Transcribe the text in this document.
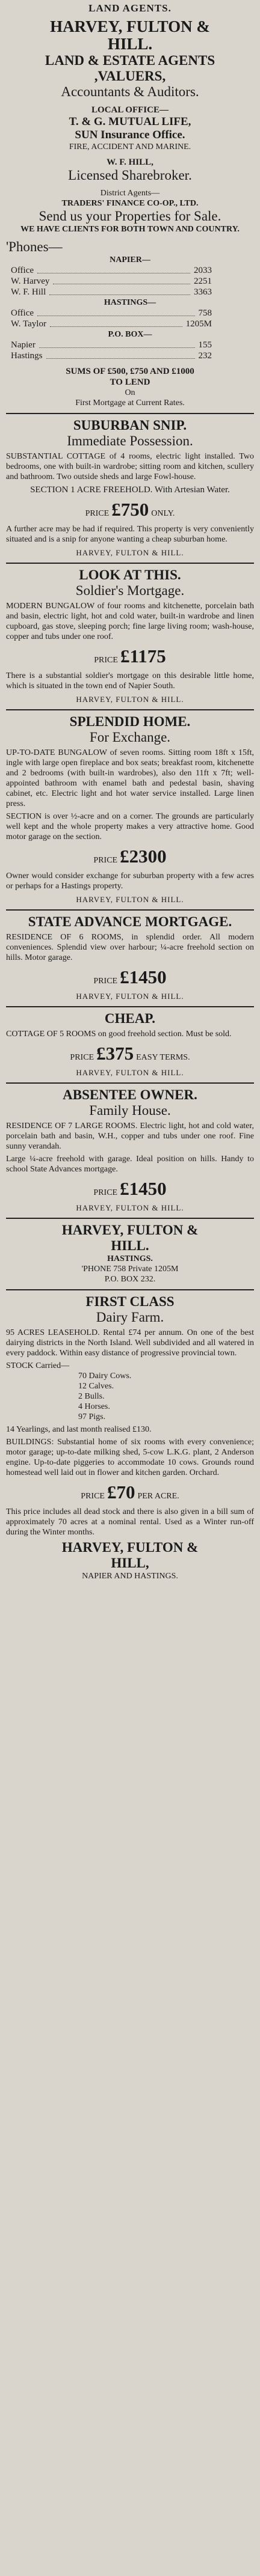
LAND AGENTS.
HARVEY, FULTON &
HILL.
LAND & ESTATE AGENTS
,VALUERS,
Accountants & Auditors.
LOCAL OFFICE—
T. & G. MUTUAL LIFE,
SUN Insurance Office.
FIRE, ACCIDENT AND MARINE.
W. F. HILL,
Licensed Sharebroker.
District Agents—
TRADERS' FINANCE CO-OP., LTD.
Send us your Properties for Sale.
WE HAVE CLIENTS FOR BOTH TOWN AND COUNTRY.
'Phones—
NAPIER—
Office	2033
W. Harvey	2251
W. F. Hill	3363
HASTINGS—
Office	758
W. Taylor	1205M
P.O. BOX—
Napier	155
Hastings	232
SUMS OF £500, £750 AND £1000
TO LEND
On
First Mortgage at Current Rates.
SUBURBAN SNIP.
Immediate Possession.

SUBSTANTIAL COTTAGE of 4 rooms, electric light installed. Two bedrooms, one with built-in wardrobe; sitting room and kitchen, scullery and bathroom. Two outside sheds and large Fowl-house.

SECTION 1 ACRE FREEHOLD. With Artesian Water.
PRICE £750 ONLY.

A further acre may be had if required. This property is very conveniently situated and is a snip for anyone wanting a cheap suburban home.

HARVEY, FULTON & HILL.
LOOK AT THIS.
Soldier's Mortgage.

MODERN BUNGALOW of four rooms and kitchenette, porcelain bath and basin, electric light, hot and cold water, built-in wardrobe and linen cupboard, gas stove, sleeping porch; fine large living room; wash-house, copper and tubs under one roof.

PRICE £1175

There is a substantial soldier's mortgage on this desirable little home, which is situated in the town end of Napier South.

HARVEY, FULTON & HILL.
SPLENDID HOME.
For Exchange.

UP-TO-DATE BUNGALOW of seven rooms. Sitting room 18ft x 15ft, ingle with large open fireplace and box seats; breakfast room, kitchenette and 2 bedrooms (with built-in wardrobes), also den 11ft x 7ft; well-appointed bathroom with enamel bath and pedestal basin, shaving cabinet, etc. Electric light and hot water service installed. Large linen press.

SECTION is over ½-acre and on a corner. The grounds are particularly well kept and the whole property makes a very attractive home. Good motor garage on the section.

PRICE £2300

Owner would consider exchange for suburban property with a few acres or perhaps for a Hastings property.

HARVEY, FULTON & HILL.
STATE ADVANCE MORTGAGE.

RESIDENCE OF 6 ROOMS, in splendid order. All modern conveniences. Splendid view over harbour; ¼-acre freehold section on hills. Motor garage.

PRICE £1450
HARVEY, FULTON & HILL.
CHEAP.

COTTAGE OF 5 ROOMS on good freehold section. Must be sold.

PRICE £375 EASY TERMS.
HARVEY, FULTON & HILL.
ABSENTEE OWNER.
Family House.

RESIDENCE OF 7 LARGE ROOMS. Electric light, hot and cold water, porcelain bath and basin, W.H., copper and tubs under one roof. Fine sunny verandah.

Large ¼-acre freehold with garage. Ideal position on hills. Handy to school State Advances mortgage.

PRICE £1450
HARVEY, FULTON & HILL.
HARVEY, FULTON &
HILL.
HASTINGS.
'PHONE 758 Private 1205M
P.O. BOX 232.
FIRST CLASS
Dairy Farm.

95 ACRES LEASEHOLD. Rental £74 per annum. On one of the best dairying districts in the North Island. Well subdivided and all watered in every paddock. Within easy distance of progressive provincial town.

STOCK Carried—
70 Dairy Cows.
12 Calves.
2 Bulls.
4 Horses.
97 Pigs.

14 Yearlings, and last month realised £130.

BUILDINGS: Substantial home of six rooms with every convenience; motor garage; up-to-date milking shed, 5-cow L.K.G. plant, 2 Anderson engine. Up-to-date piggeries to accommodate 10 cows. Grounds round homestead well laid out in flower and kitchen garden. Orchard.

PRICE £70 PER ACRE.

This price includes all dead stock and there is also given in a bill sum of approximately 70 acres at a nominal rental. Used as a Winter run-off during the Winter months.

HARVEY, FULTON &
HILL,
NAPIER AND HASTINGS.
